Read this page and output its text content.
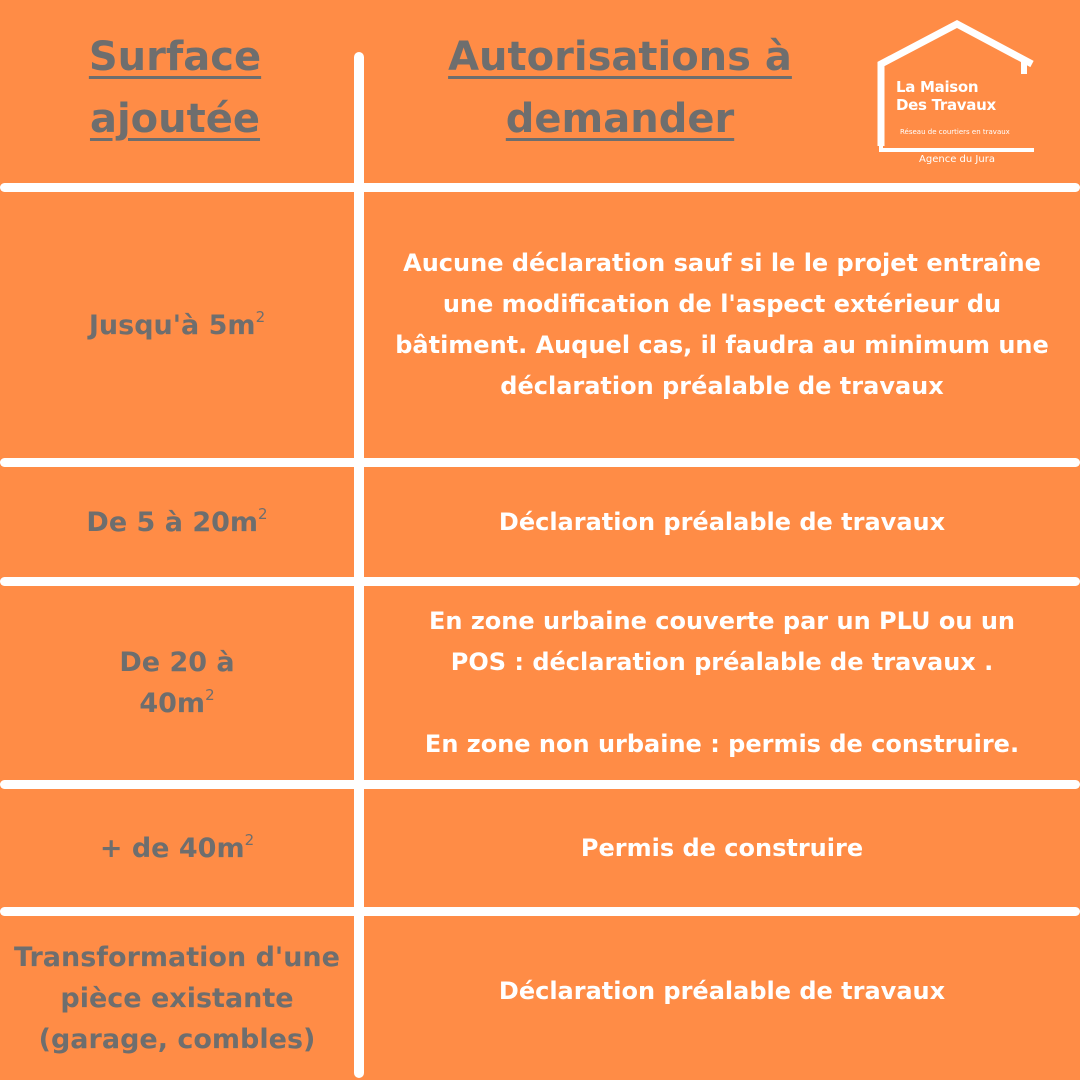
Surface ajoutée
Autorisations à demander
La Maison
Des Travaux
Réseau de courtiers en travaux
Agence du Jura
Jusqu'à $5m^2$

Aucune déclaration sauf si le le projet entraîne une modification de l'aspect extérieur du bâtiment. Auquel cas, il faudra au minimum une déclaration préalable de travaux

De 5 à $20m^2$	Déclaration préalable de travaux

De 20 à $40m^2$

En zone urbaine couverte par un PLU ou un POS : déclaration préalable de travaux .

En zone non urbaine : permis de construire.

+ de $40m^2$	Permis de construire

Transformation d'une pièce existante (garage, combles)

Déclaration préalable de travaux
